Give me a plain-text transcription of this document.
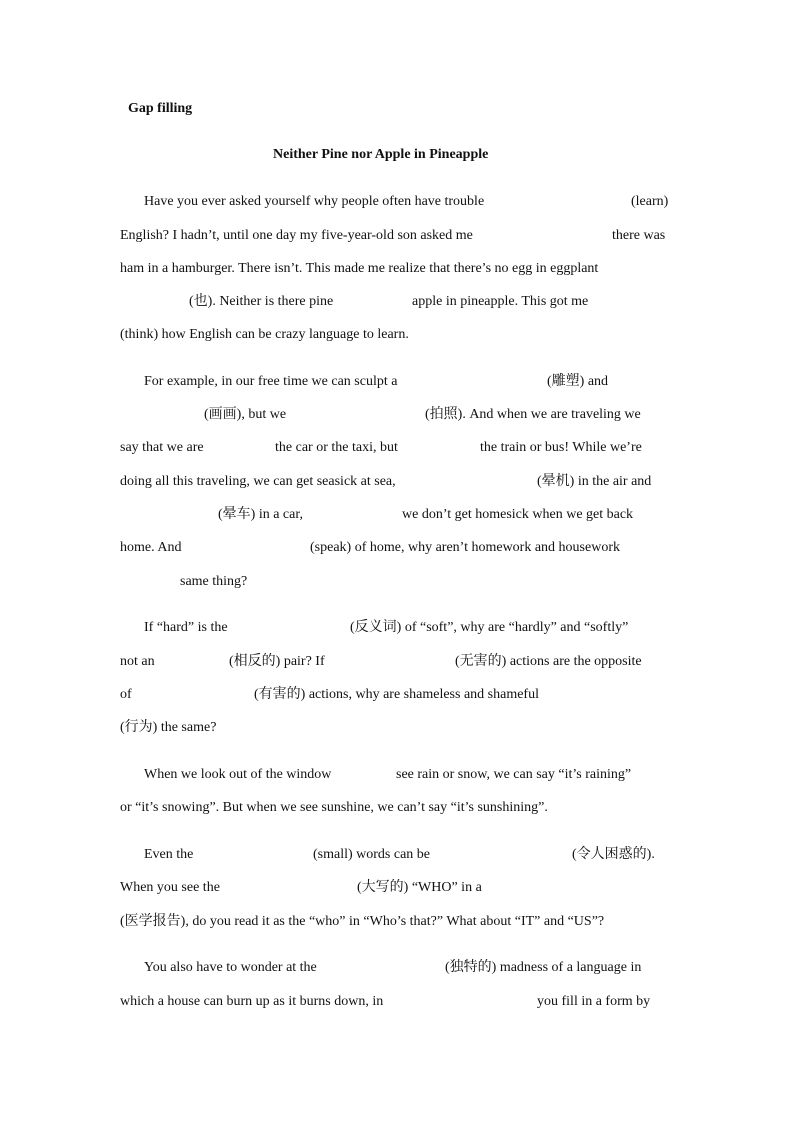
Gap filling
Neither Pine nor Apple in Pineapple
Have you ever asked yourself why people often have trouble	(learn)
English? I hadn’t, until one day my five-year-old son asked me	there was
ham in a hamburger. There isn’t. This made me realize that there’s no egg in eggplant
(也). Neither is there pine	apple in pineapple. This got me
(think) how English can be crazy language to learn.
For example, in our free time we can sculpt a	(雕塑) and
(画画), but we	(拍照). And when we are traveling we
say that we are	the car or the taxi, but	the train or bus! While we’re
doing all this traveling, we can get seasick at sea,	(晕机) in the air and
(晕车) in a car,	we don’t get homesick when we get back
home. And	(speak) of home, why aren’t homework and housework
same thing?
If “hard” is the	(反义词) of “soft”, why are “hardly” and “softly”
not an	(相反的) pair? If	(无害的) actions are the opposite
of	(有害的) actions, why are shameless and shameful
(行为) the same?
When we look out of the window	see rain or snow, we can say “it’s raining”
or “it’s snowing”. But when we see sunshine, we can’t say “it’s sunshining”.
Even the	(small) words can be	(令人困惑的).
When you see the	(大写的) “WHO” in a
(医学报告), do you read it as the “who” in “Who’s that?” What about “IT” and “US”?
You also have to wonder at the	(独特的) madness of a language in
which a house can burn up as it burns down, in	you fill in a form by
